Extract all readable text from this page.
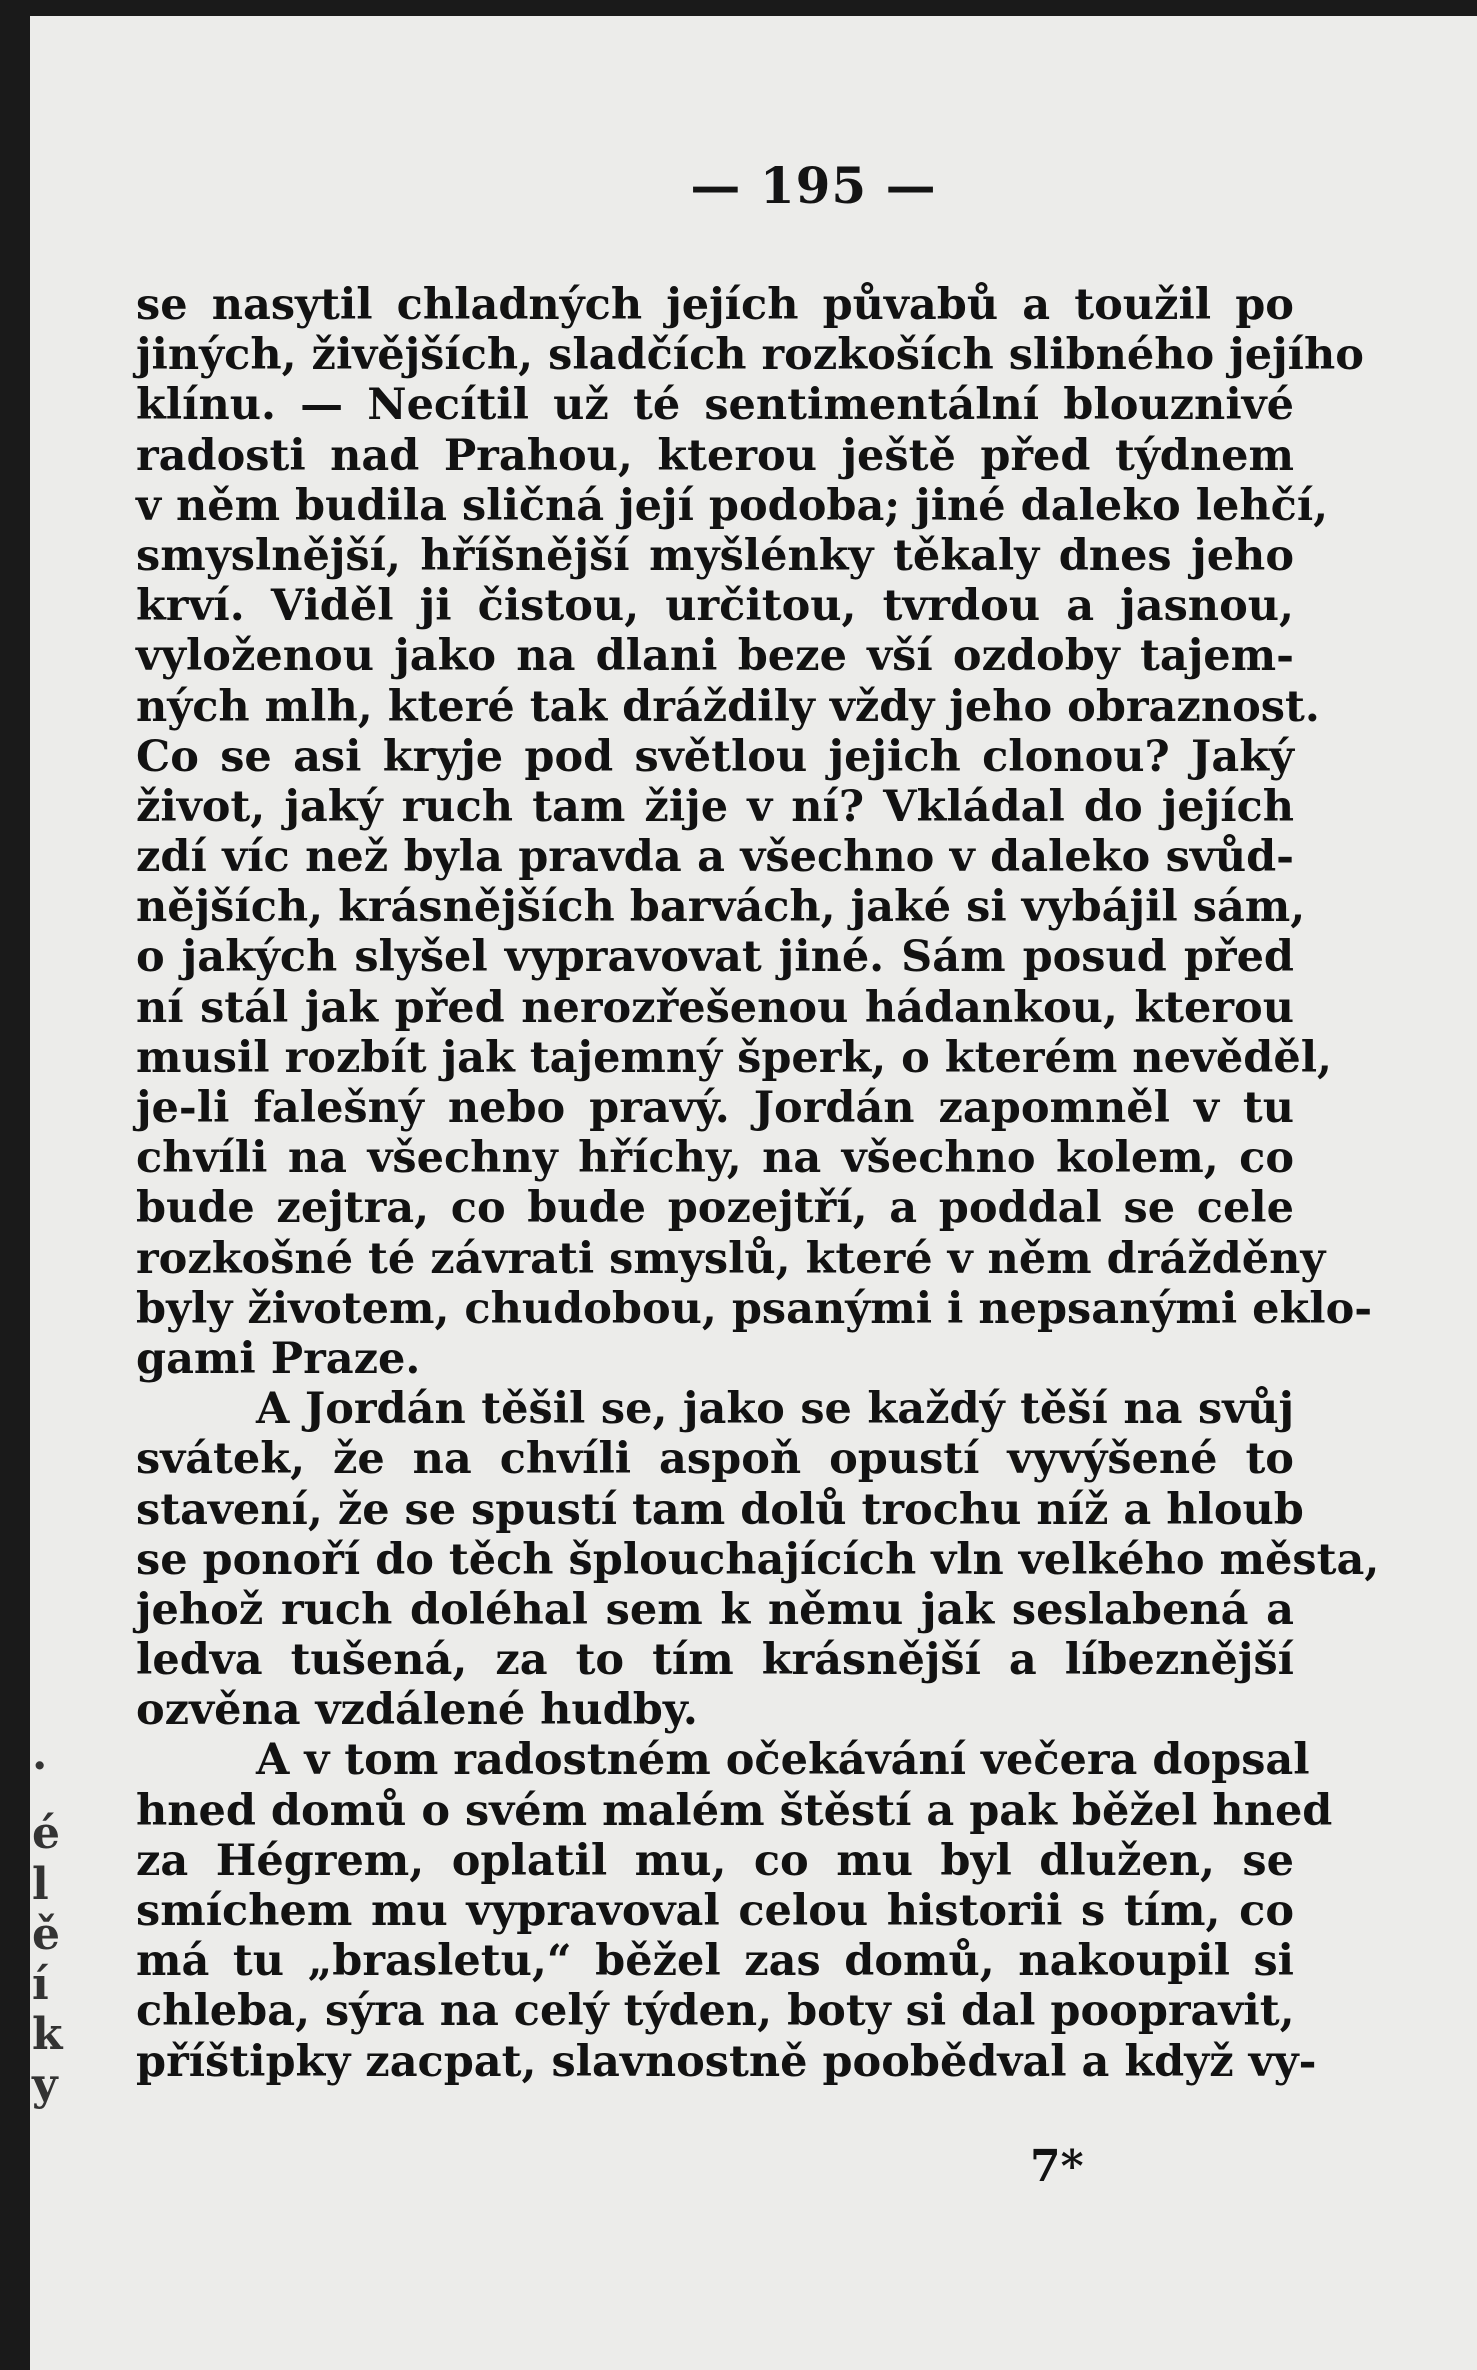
.
é
l
ě
í
k
y
— 195 —
se nasytil chladných jejích půvabů a toužil po
jiných, živějších, sladčích rozkoších slibného jejího
klínu. — Necítil už té sentimentální blouznivé
radosti nad Prahou, kterou ještě před týdnem
v něm budila sličná její podoba; jiné daleko lehčí,
smyslnější, hříšnější myšlénky těkaly dnes jeho
krví. Viděl ji čistou, určitou, tvrdou a jasnou,
vyloženou jako na dlani beze vší ozdoby tajem-
ných mlh, které tak dráždily vždy jeho obraznost.
Co se asi kryje pod světlou jejich clonou? Jaký
život, jaký ruch tam žije v ní? Vkládal do jejích
zdí víc než byla pravda a všechno v daleko svůd-
nějších, krásnějších barvách, jaké si vybájil sám,
o jakých slyšel vypravovat jiné. Sám posud před
ní stál jak před nerozřešenou hádankou, kterou
musil rozbít jak tajemný šperk, o kterém nevěděl,
je-li falešný nebo pravý. Jordán zapomněl v tu
chvíli na všechny hříchy, na všechno kolem, co
bude zejtra, co bude pozejtří, a poddal se cele
rozkošné té závrati smyslů, které v něm drážděny
byly životem, chudobou, psanými i nepsanými eklo-
gami Praze.
A Jordán těšil se, jako se každý těší na svůj
svátek, že na chvíli aspoň opustí vyvýšené to
stavení, že se spustí tam dolů trochu níž a hloub
se ponoří do těch šplouchajících vln velkého města,
jehož ruch doléhal sem k němu jak seslabená a
ledva tušená, za to tím krásnější a líbeznější
ozvěna vzdálené hudby.
A v tom radostném očekávání večera dopsal
hned domů o svém malém štěstí a pak běžel hned
za Hégrem, oplatil mu, co mu byl dlužen, se
smíchem mu vypravoval celou historii s tím, co
má tu „brasletu,“ běžel zas domů, nakoupil si
chleba, sýra na celý týden, boty si dal poopravit,
příštipky zacpat, slavnostně poobědval a když vy-
7*
